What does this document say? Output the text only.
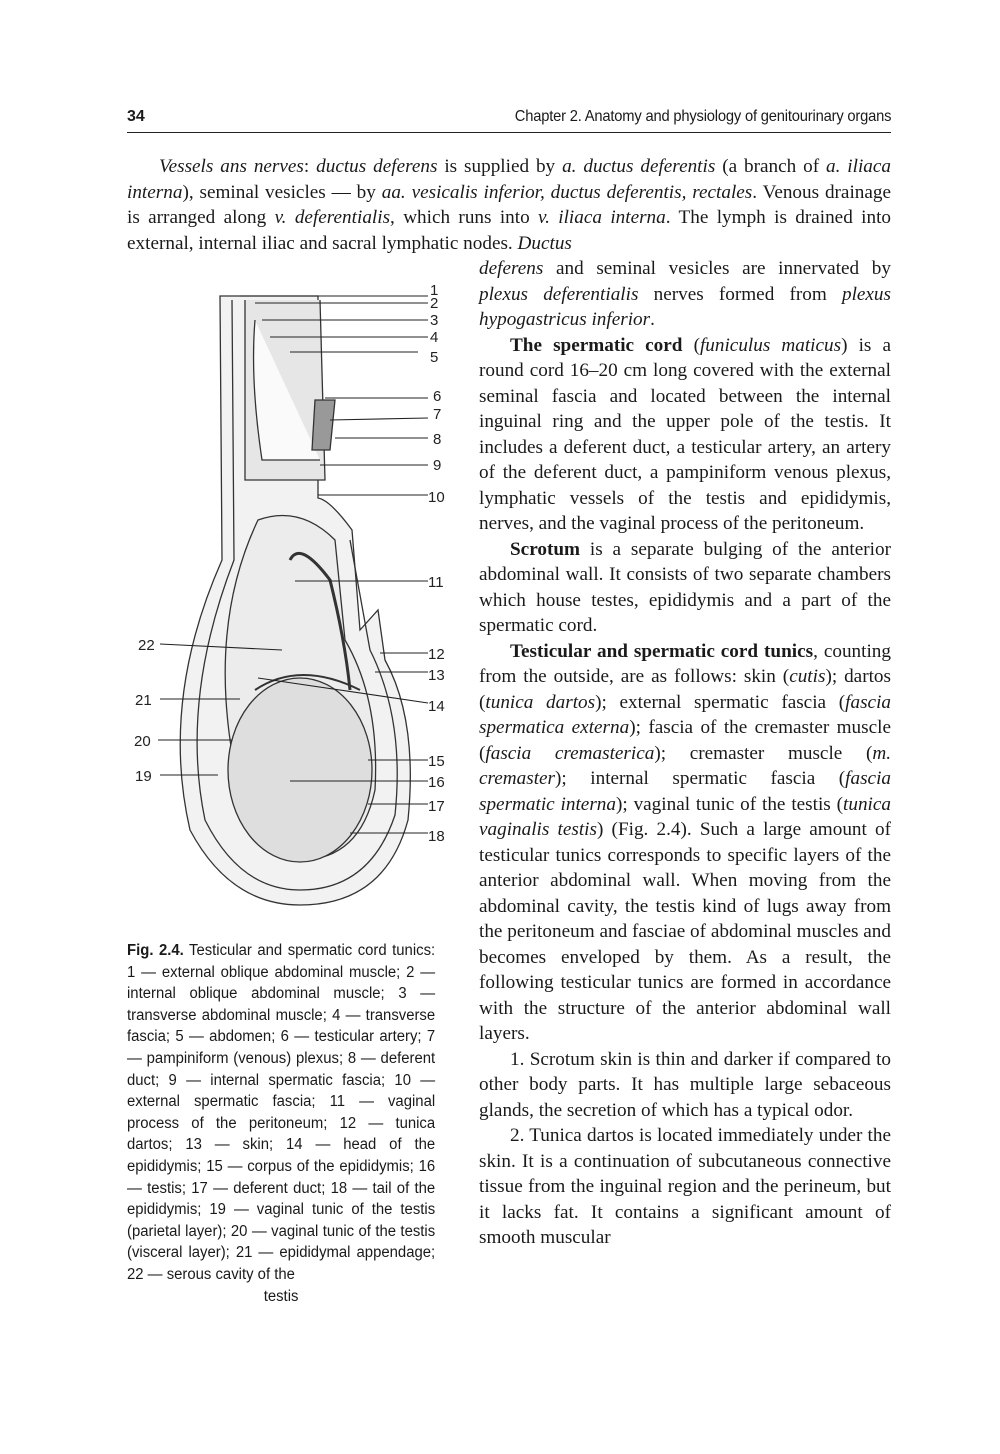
34	Chapter 2. Anatomy and physiology of genitourinary organs
Vessels ans nerves: ductus deferens is supplied by a. ductus deferentis (a branch of a. iliaca interna), seminal vesicles — by aa. vesicalis inferior, ductus deferentis, rectales. Venous drainage is arranged along v. deferentialis, which runs into v. iliaca interna. The lymph is drained into external, internal iliac and sacral lymphatic nodes. Ductus

deferens and seminal vesicles are innervated by plexus deferentialis nerves formed from plexus hypogastricus inferior.

The spermatic cord (funiculus maticus) is a round cord 16–20 cm long covered with the external seminal fascia and located between the internal inguinal ring and the upper pole of the testis. It includes a deferent duct, a testicular artery, an artery of the deferent duct, a pampiniform venous plexus, lymphatic vessels of the testis and epididymis, nerves, and the vaginal process of the peritoneum.

Scrotum is a separate bulging of the anterior abdominal wall. It consists of two separate chambers which house testes, epididymis and a part of the spermatic cord.

Testicular and spermatic cord tunics, counting from the outside, are as follows: skin (cutis); dartos (tunica dartos); external spermatic fascia (fascia spermatica externa); fascia of the cremaster muscle (fascia cremasterica); cremaster muscle (m. cremaster); internal spermatic fascia (fascia spermatic interna); vaginal tunic of the testis (tunica vaginalis testis) (Fig. 2.4). Such a large amount of testicular tunics corresponds to specific layers of the anterior abdominal wall. When moving from the abdominal cavity, the testis kind of lugs away from the peritoneum and fasciae of abdominal muscles and becomes enveloped by them. As a result, the following testicular tunics are formed in accordance with the structure of the anterior abdominal wall layers.

1. Scrotum skin is thin and darker if compared to other body parts. It has multiple large sebaceous glands, the secretion of which has a typical odor.

2. Tunica dartos is located immediately under the skin. It is a continuation of subcutaneous connective tissue from the inguinal region and the perineum, but it lacks fat. It contains a significant amount of smooth muscular

1
2
3
4
5
6
7
8
9
10
11
12
13
14
15
16
17
18
22
21
20
19
Fig. 2.4. Testicular and spermatic cord tunics: 1 — external oblique abdominal muscle; 2 — internal oblique abdominal muscle; 3 — transverse abdominal muscle; 4 — transverse fascia; 5 — abdomen; 6 — testicular artery; 7 — pampiniform (venous) plexus; 8 — deferent duct; 9 — internal spermatic fascia; 10 — external spermatic fascia; 11 — vaginal process of the peritoneum; 12 — tunica dartos; 13 — skin; 14 — head of the epididymis; 15 — corpus of the epididymis; 16 — testis; 17 — deferent duct; 18 — tail of the epididymis; 19 — vaginal tunic of the testis (parietal layer); 20 — vaginal tunic of the testis (visceral layer); 21 — epididymal appendage; 22 — serous cavity of the
testis
